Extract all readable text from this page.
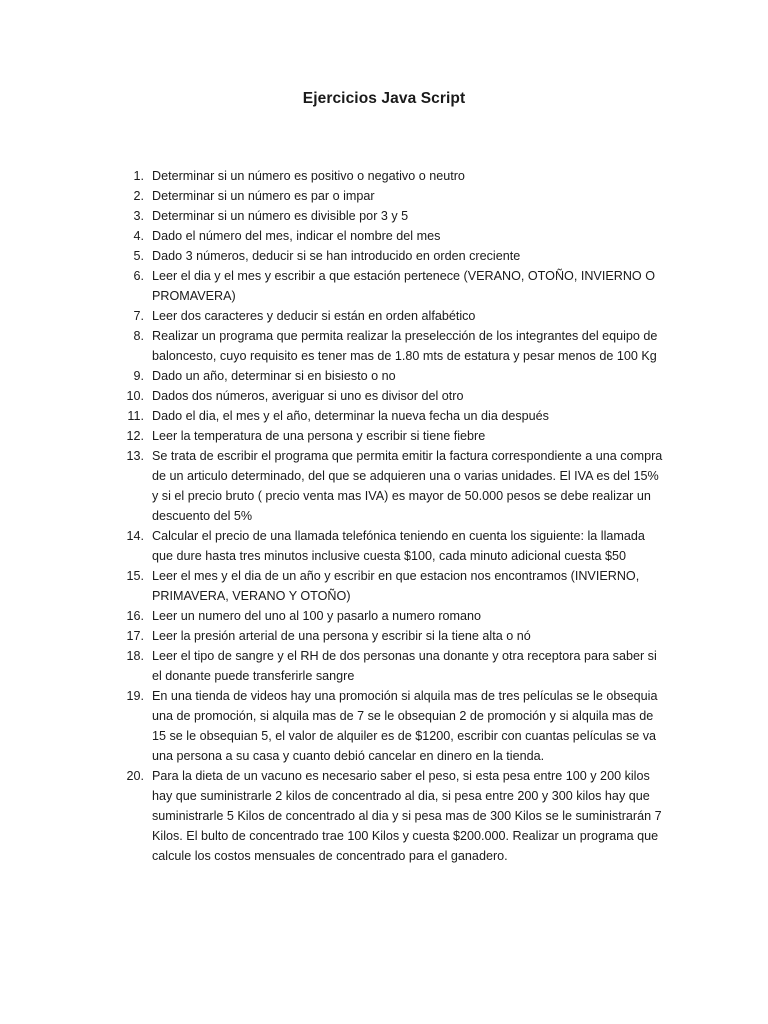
Ejercicios Java Script
1. Determinar si un número es positivo o negativo o neutro
2. Determinar si un número es par o impar
3. Determinar si un número es divisible por 3 y 5
4. Dado el número del mes, indicar el nombre del mes
5. Dado 3 números, deducir si se han introducido en orden creciente
6. Leer el dia y el mes y escribir a que estación pertenece (VERANO, OTOÑO, INVIERNO O PROMAVERA)
7. Leer dos caracteres y deducir si están en orden alfabético
8. Realizar un programa que permita realizar la preselección de los integrantes del equipo de baloncesto, cuyo requisito es tener mas de 1.80 mts de estatura y pesar menos de 100 Kg
9. Dado un año, determinar si en bisiesto o no
10. Dados dos números, averiguar si uno es divisor del otro
11. Dado el dia, el mes y el año, determinar la nueva fecha un dia después
12. Leer la temperatura de una persona y escribir si tiene fiebre
13. Se trata de escribir el programa que permita emitir la factura correspondiente a una compra de un articulo determinado, del que se adquieren una o varias unidades. El IVA es del 15% y si el precio bruto ( precio venta mas IVA) es mayor de 50.000 pesos se debe realizar un descuento del 5%
14. Calcular el precio de una llamada telefónica teniendo en cuenta los siguiente: la llamada que dure hasta tres minutos inclusive cuesta $100, cada minuto adicional cuesta $50
15. Leer el mes y el dia de un año y escribir en que estacion nos encontramos (INVIERNO, PRIMAVERA, VERANO Y OTOÑO)
16. Leer un numero del uno al 100 y pasarlo a numero romano
17. Leer la presión arterial de una persona y escribir si la tiene alta o nó
18. Leer el tipo de sangre y el RH de dos personas una donante y otra receptora para saber si el donante puede transferirle sangre
19. En una tienda de videos hay una promoción si alquila mas de tres películas se le obsequia una de promoción, si alquila mas de 7 se le obsequian 2 de promoción y si alquila mas de 15 se le obsequian 5, el valor de alquiler es de $1200, escribir con cuantas películas se va una persona a su casa y cuanto debió cancelar en dinero en la tienda.
20. Para la dieta de un vacuno es necesario saber el peso, si esta pesa entre 100 y 200 kilos hay que suministrarle 2 kilos de concentrado al dia, si pesa entre 200 y 300 kilos hay que suministrarle 5 Kilos de concentrado al dia y si pesa mas de 300 Kilos se le suministrarán 7 Kilos. El bulto de concentrado trae 100 Kilos y cuesta $200.000. Realizar un programa que calcule los costos mensuales de concentrado para el ganadero.
